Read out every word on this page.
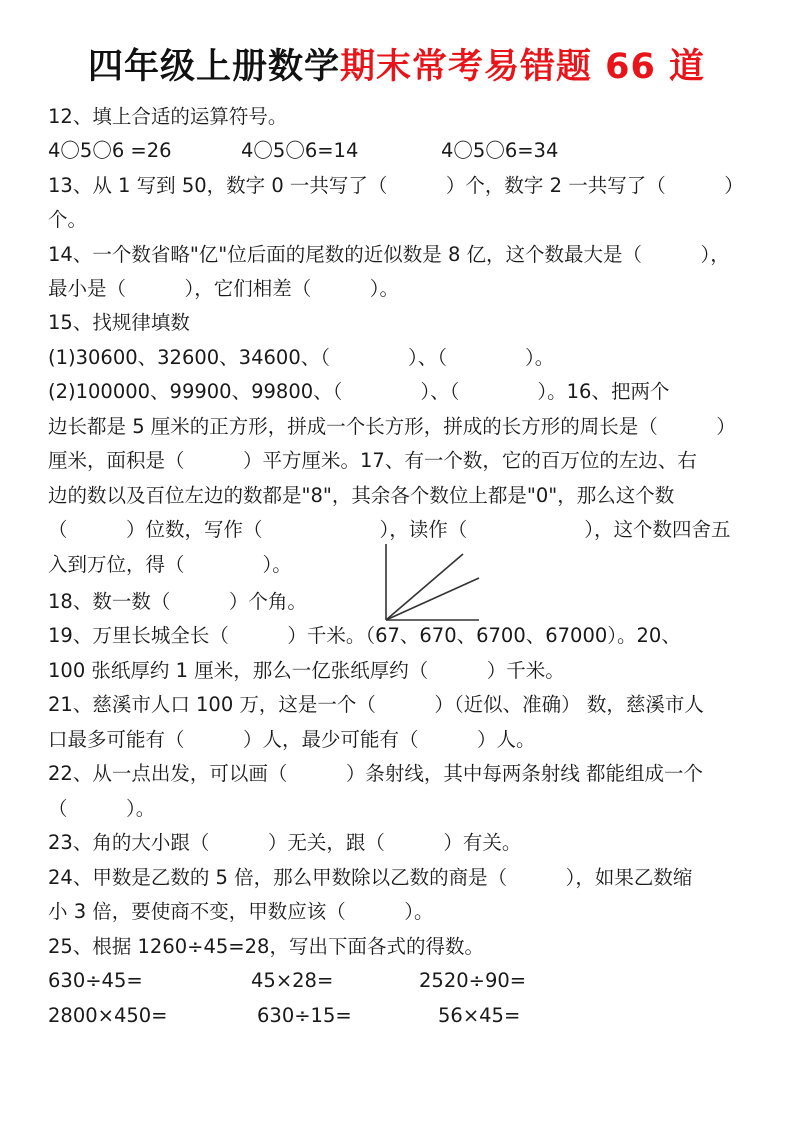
四年级上册数学期末常考易错题 66 道
12、填上合适的运算符号。
4〇5〇6 =26	4〇5〇6=14	4〇5〇6=34
13、从 1 写到 50，数字 0 一共写了（　　　）个，数字 2 一共写了（　　　）
个。
14、一个数省略"亿"位后面的尾数的近似数是 8 亿，这个数最大是（　　　），
最小是（　　　），它们相差（　　　）。
15、找规律填数
(1)30600、32600、34600、（　　　　）、（　　　　）。
(2)100000、99900、99800、（　　　　）、（　　　　）。16、把两个
边长都是 5 厘米的正方形，拼成一个长方形，拼成的长方形的周长是（　　　）
厘米，面积是（　　　）平方厘米。17、有一个数，它的百万位的左边、右
边的数以及百位左边的数都是"8"，其余各个数位上都是"0"，那么这个数
（　　　）位数，写作（　　　　　　），读作（　　　　　　），这个数四舍五
入到万位，得（　　　　）。
18、数一数（　　　）个角。
19、万里长城全长（　　　）千米。（67、670、6700、67000）。20、
100 张纸厚约 1 厘米，那么一亿张纸厚约（　　　）千米。
21、慈溪市人口 100 万，这是一个（　　　）（近似、准确） 数，慈溪市人
口最多可能有（　　　）人，最少可能有（　　　）人。
22、从一点出发，可以画（　　　）条射线，其中每两条射线 都能组成一个
（　　　）。
23、角的大小跟（　　　）无关，跟（　　　）有关。
24、甲数是乙数的 5 倍，那么甲数除以乙数的商是（　　　），如果乙数缩
小 3 倍，要使商不变，甲数应该（　　　）。
25、根据 1260÷45=28，写出下面各式的得数。
630÷45=	45×28=	2520÷90=
2800×450=	630÷15=	56×45=
